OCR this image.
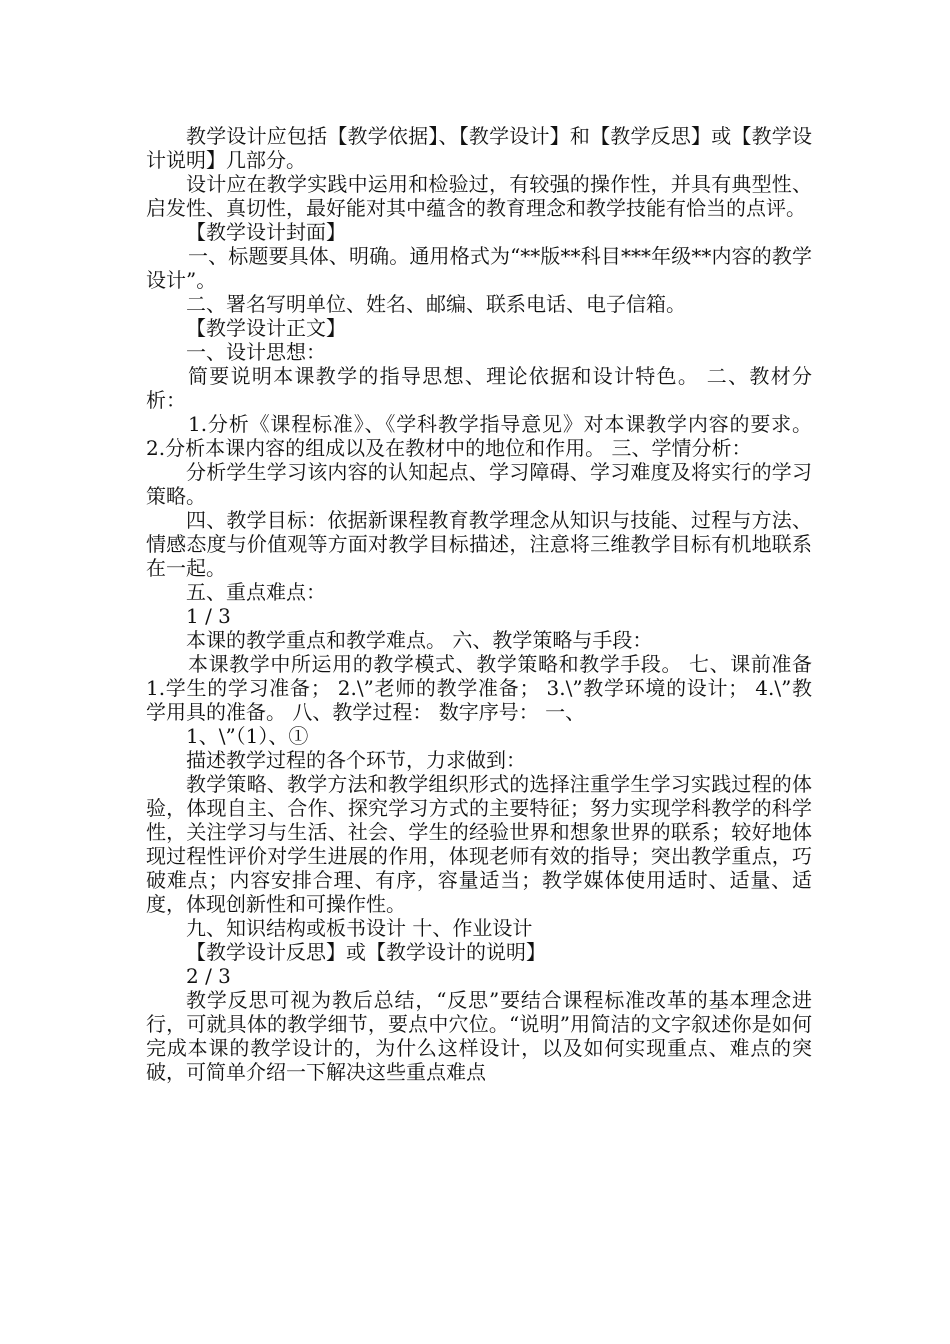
教学设计应包括【教学依据】、【教学设计】和【教学反思】或【教学设计说明】几部分。

设计应在教学实践中运用和检验过，有较强的操作性，并具有典型性、启发性、真切性，最好能对其中蕴含的教育理念和教学技能有恰当的点评。

【教学设计封面】

一、标题要具体、明确。通用格式为“**版**科目***年级**内容的教学设计”。

二、署名写明单位、姓名、邮编、联系电话、电子信箱。

【教学设计正文】

一、设计思想：

简要说明本课教学的指导思想、理论依据和设计特色。 二、教材分析：

1.分析《课程标准》、《学科教学指导意见》对本课教学内容的要求。 2.分析本课内容的组成以及在教材中的地位和作用。 三、学情分析：

分析学生学习该内容的认知起点、学习障碍、学习难度及将实行的学习策略。

四、教学目标：依据新课程教育教学理念从知识与技能、过程与方法、情感态度与价值观等方面对教学目标描述，注意将三维教学目标有机地联系在一起。

五、重点难点：

1 / 3

本课的教学重点和教学难点。 六、教学策略与手段：

本课教学中所运用的教学模式、教学策略和教学手段。 七、课前准备 1.学生的学习准备； 2.\”老师的教学准备； 3.\”教学环境的设计； 4.\”教学用具的准备。 八、教学过程： 数字序号： 一、

1、\”（1）、①

描述教学过程的各个环节，力求做到：

教学策略、教学方法和教学组织形式的选择注重学生学习实践过程的体验，体现自主、合作、探究学习方式的主要特征；努力实现学科教学的科学性，关注学习与生活、社会、学生的经验世界和想象世界的联系；较好地体现过程性评价对学生进展的作用，体现老师有效的指导；突出教学重点，巧破难点；内容安排合理、有序，容量适当；教学媒体使用适时、适量、适度，体现创新性和可操作性。

九、知识结构或板书设计 十、作业设计

【教学设计反思】或【教学设计的说明】

2 / 3

教学反思可视为教后总结，“反思”要结合课程标准改革的基本理念进行，可就具体的教学细节，要点中穴位。“说明”用简洁的文字叙述你是如何完成本课的教学设计的，为什么这样设计，以及如何实现重点、难点的突破，可简单介绍一下解决这些重点难点
